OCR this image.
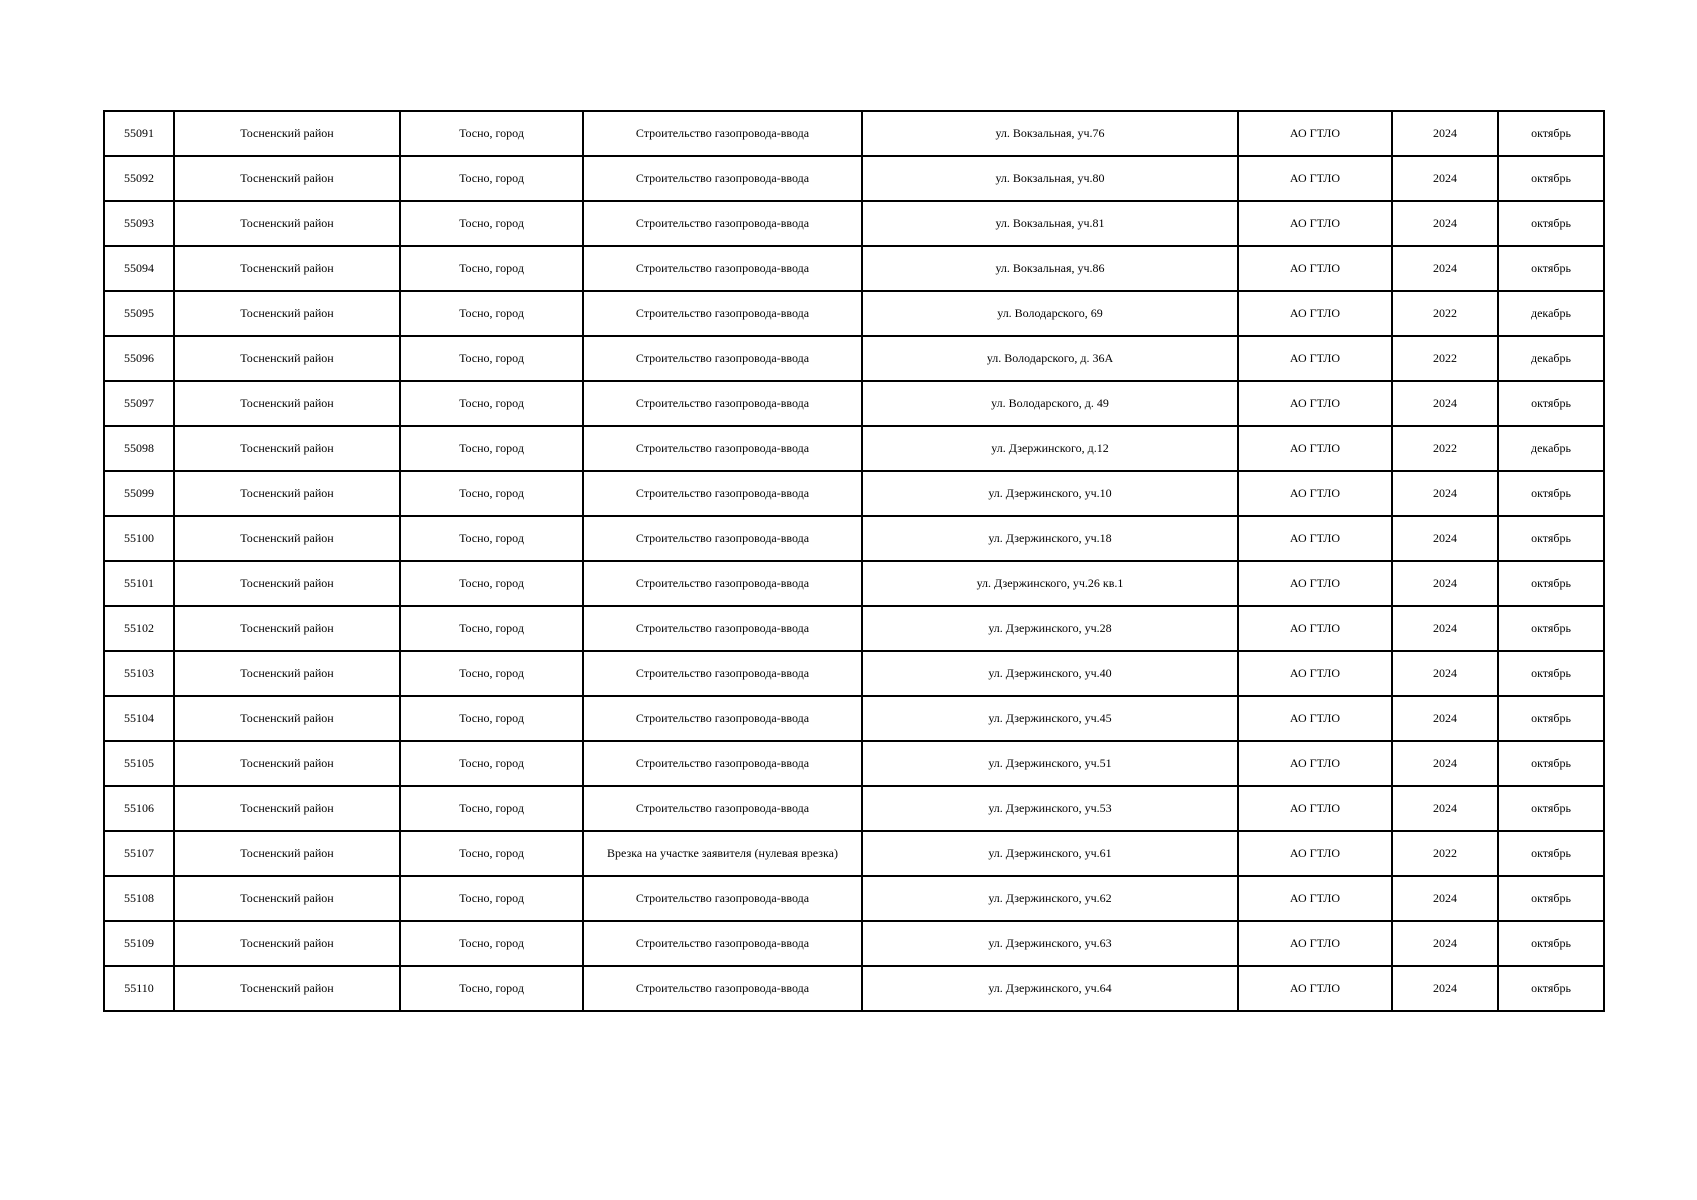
55091	Тосненский район	Тосно, город	Строительство газопровода-ввода	ул. Вокзальная, уч.76	АО ГТЛО	2024	октябрь
55092	Тосненский район	Тосно, город	Строительство газопровода-ввода	ул. Вокзальная, уч.80	АО ГТЛО	2024	октябрь
55093	Тосненский район	Тосно, город	Строительство газопровода-ввода	ул. Вокзальная, уч.81	АО ГТЛО	2024	октябрь
55094	Тосненский район	Тосно, город	Строительство газопровода-ввода	ул. Вокзальная, уч.86	АО ГТЛО	2024	октябрь
55095	Тосненский район	Тосно, город	Строительство газопровода-ввода	ул. Володарского, 69	АО ГТЛО	2022	декабрь
55096	Тосненский район	Тосно, город	Строительство газопровода-ввода	ул. Володарского, д. 36А	АО ГТЛО	2022	декабрь
55097	Тосненский район	Тосно, город	Строительство газопровода-ввода	ул. Володарского, д. 49	АО ГТЛО	2024	октябрь
55098	Тосненский район	Тосно, город	Строительство газопровода-ввода	ул. Дзержинского, д.12	АО ГТЛО	2022	декабрь
55099	Тосненский район	Тосно, город	Строительство газопровода-ввода	ул. Дзержинского, уч.10	АО ГТЛО	2024	октябрь
55100	Тосненский район	Тосно, город	Строительство газопровода-ввода	ул. Дзержинского, уч.18	АО ГТЛО	2024	октябрь
55101	Тосненский район	Тосно, город	Строительство газопровода-ввода	ул. Дзержинского, уч.26 кв.1	АО ГТЛО	2024	октябрь
55102	Тосненский район	Тосно, город	Строительство газопровода-ввода	ул. Дзержинского, уч.28	АО ГТЛО	2024	октябрь
55103	Тосненский район	Тосно, город	Строительство газопровода-ввода	ул. Дзержинского, уч.40	АО ГТЛО	2024	октябрь
55104	Тосненский район	Тосно, город	Строительство газопровода-ввода	ул. Дзержинского, уч.45	АО ГТЛО	2024	октябрь
55105	Тосненский район	Тосно, город	Строительство газопровода-ввода	ул. Дзержинского, уч.51	АО ГТЛО	2024	октябрь
55106	Тосненский район	Тосно, город	Строительство газопровода-ввода	ул. Дзержинского, уч.53	АО ГТЛО	2024	октябрь
55107	Тосненский район	Тосно, город	Врезка на участке заявителя (нулевая врезка)	ул. Дзержинского, уч.61	АО ГТЛО	2022	октябрь
55108	Тосненский район	Тосно, город	Строительство газопровода-ввода	ул. Дзержинского, уч.62	АО ГТЛО	2024	октябрь
55109	Тосненский район	Тосно, город	Строительство газопровода-ввода	ул. Дзержинского, уч.63	АО ГТЛО	2024	октябрь
55110	Тосненский район	Тосно, город	Строительство газопровода-ввода	ул. Дзержинского, уч.64	АО ГТЛО	2024	октябрь
